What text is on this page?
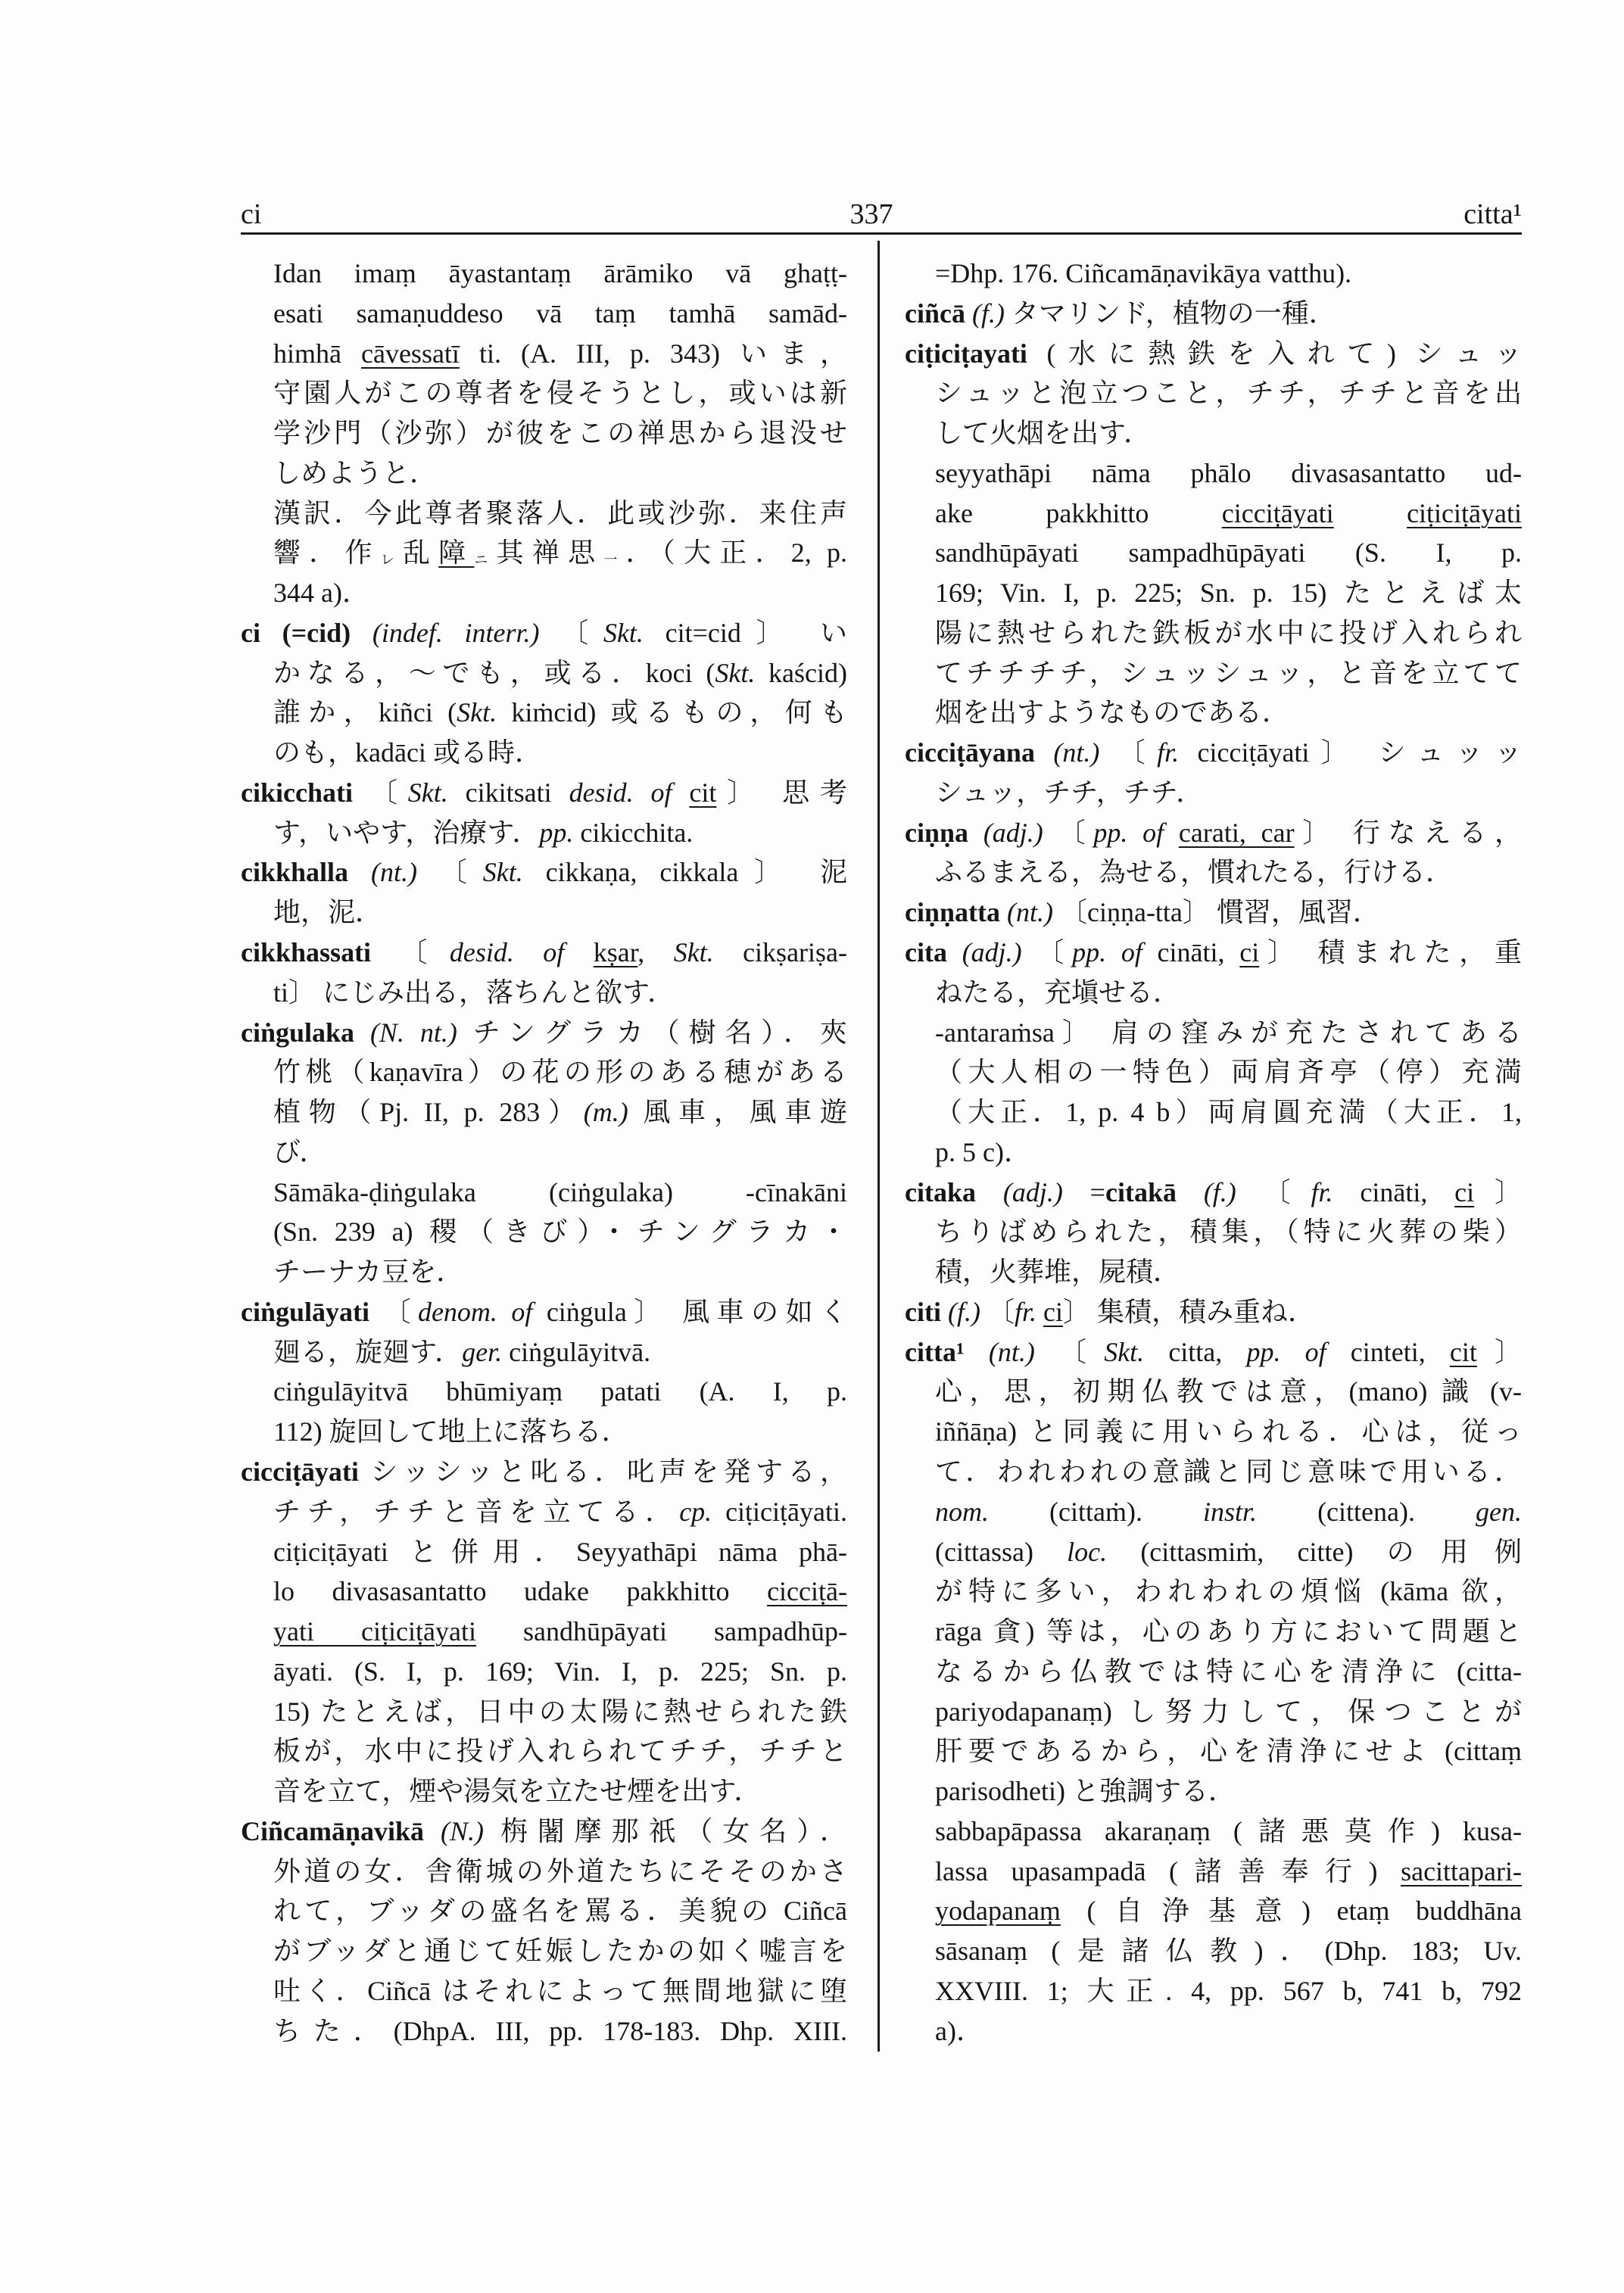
ci	337	citta¹
Idan imaṃ āyastantaṃ ārāmiko vā ghaṭṭ-
esati samaṇuddeso vā taṃ tamhā samād-
himhā cāvessatī ti. (A. III, p. 343) いま，
守園人がこの尊者を侵そうとし，或いは新
学沙門（沙弥）が彼をこの禅思から退没せ
しめようと．
漢訳．今此尊者聚落人．此或沙弥．来住声
響．作レ乱障ニ其禅思一．（大正．2, p.
344 a)．
ci (=cid) (indef. interr.) 〔Skt. cit=cid〕 い
かなる，～でも，或る．koci (Skt. kaścid)
誰か，kiñci (Skt. kiṁcid) 或るもの，何も
のも，kadāci 或る時．
cikicchati 〔Skt. cikitsati desid. of cit〕 思考
す，いやす，治療す．pp. cikicchita.
cikkhalla (nt.) 〔Skt. cikkaṇa, cikkala〕 泥
地，泥．
cikkhassati 〔desid. of kṣar, Skt. cikṣariṣa-
ti〕 にじみ出る，落ちんと欲す．
ciṅgulaka (N. nt.) チングラカ（樹名）．夾
竹桃（kaṇavīra）の花の形のある穂がある
植物（Pj. II, p. 283）(m.) 風車，風車遊
び．
Sāmāka-ḍiṅgulaka (ciṅgulaka) -cīnakāni
(Sn. 239 a) 稷（きび）・チングラカ・
チーナカ豆を．
ciṅgulāyati 〔denom. of ciṅgula〕 風車の如く
廻る，旋廻す．ger. ciṅgulāyitvā.
ciṅgulāyitvā bhūmiyaṃ patati (A. I, p.
112) 旋回して地上に落ちる．
cicciṭāyati シッシッと叱る．叱声を発する，
チチ，チチと音を立てる．cp. ciṭiciṭāyati.
ciṭiciṭāyati と併用．Seyyathāpi nāma phā-
lo divasasantatto udake pakkhitto cicciṭā-
yati ciṭiciṭāyati sandhūpāyati sampadhūp-
āyati. (S. I, p. 169; Vin. I, p. 225; Sn. p.
15) たとえば，日中の太陽に熱せられた鉄
板が，水中に投げ入れられてチチ，チチと
音を立て，煙や湯気を立たせ煙を出す．
Ciñcamāṇavikā (N.) 栴闍摩那祇（女名）．
外道の女．舎衛城の外道たちにそそのかさ
れて，ブッダの盛名を罵る．美貌の Ciñcā
がブッダと通じて妊娠したかの如く嘘言を
吐く．Ciñcā はそれによって無間地獄に堕
ちた．(DhpA. III, pp. 178-183. Dhp. XIII.
=Dhp. 176. Ciñcamāṇavikāya vatthu).
ciñcā (f.) タマリンド，植物の一種．
ciṭiciṭayati (水に熱鉄を入れて) シュッ
シュッと泡立つこと，チチ，チチと音を出
して火烟を出す．
seyyathāpi nāma phālo divasasantatto ud-
ake pakkhitto cicciṭāyati	ciṭiciṭāyati
sandhūpāyati sampadhūpāyati (S. I, p.
169; Vin. I, p. 225; Sn. p. 15) たとえば太
陽に熱せられた鉄板が水中に投げ入れられ
てチチチチ，シュッシュッ，と音を立てて
烟を出すようなものである．
cicciṭāyana (nt.) 〔fr. cicciṭāyati〕 シュッッ
シュッ，チチ，チチ．
ciṇṇa (adj.) 〔pp. of carati, car〕 行なえる，
ふるまえる，為せる，慣れたる，行ける．
ciṇṇatta (nt.) 〔ciṇṇa-tta〕 慣習，風習．
cita (adj.) 〔pp. of cināti, ci〕 積まれた，重
ねたる，充塡せる．
-antaraṁsa〕 肩の窪みが充たされてある
（大人相の一特色）両肩斉亭（停）充満
（大正．1, p. 4 b）両肩圓充満（大正．1,
p. 5 c)．
citaka (adj.) =citakā (f.) 〔fr. cināti, ci〕
ちりばめられた，積集，（特に火葬の柴）
積，火葬堆，屍積．
citi (f.) 〔fr. ci〕 集積，積み重ね．
citta¹ (nt.) 〔Skt. citta, pp. of cinteti, cit〕
心，思，初期仏教では意，(mano) 識 (v-
iññāṇa) と同義に用いられる．心は，従っ
て．われわれの意識と同じ意味で用いる．
nom. (cittaṁ). instr. (cittena). gen.
(cittassa) loc. (cittasmiṁ, citte) の用例
が特に多い，われわれの煩悩 (kāma 欲，
rāga 貪) 等は，心のあり方において問題と
なるから仏教では特に心を清浄に (citta-
pariyodapanaṃ) し努力して，保つことが
肝要であるから，心を清浄にせよ (cittaṃ
parisodheti) と強調する．
sabbapāpassa akaraṇaṃ (諸悪莫作) kusa-
lassa upasampadā (諸善奉行) sacittapari-
yodapanaṃ (自浄基意) etaṃ buddhāna
sāsanaṃ (是諸仏教)．(Dhp. 183; Uv.
XXVIII. 1; 大正. 4, pp. 567 b, 741 b, 792
a)．
